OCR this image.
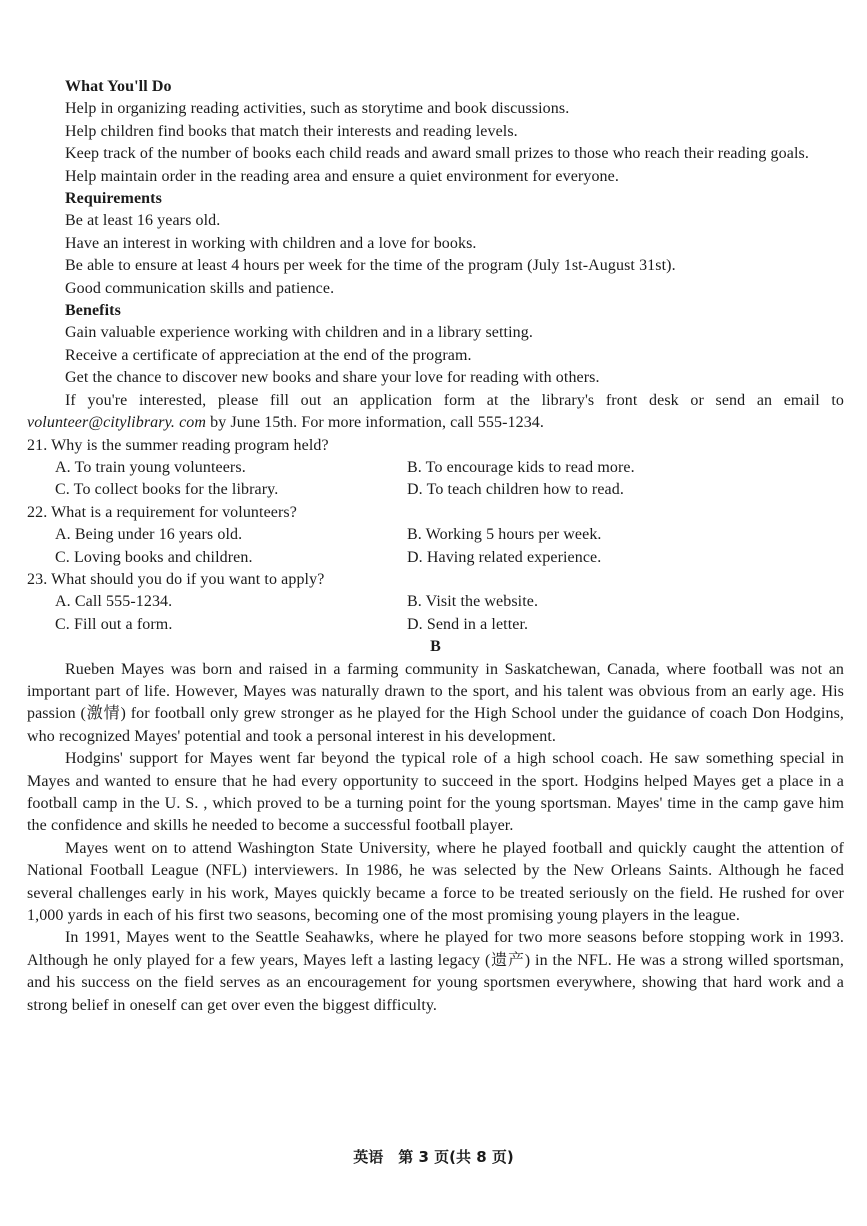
What You'll Do

Help in organizing reading activities, such as storytime and book discussions.

Help children find books that match their interests and reading levels.

Keep track of the number of books each child reads and award small prizes to those who reach their reading goals.

Help maintain order in the reading area and ensure a quiet environment for everyone.

Requirements

Be at least 16 years old.

Have an interest in working with children and a love for books.

Be able to ensure at least 4 hours per week for the time of the program (July 1st-August 31st).

Good communication skills and patience.

Benefits

Gain valuable experience working with children and in a library setting.

Receive a certificate of appreciation at the end of the program.

Get the chance to discover new books and share your love for reading with others.

If you're interested, please fill out an application form at the library's front desk or send an email to volunteer@citylibrary. com by June 15th. For more information, call 555-1234.

21. Why is the summer reading program held?

A. To train young volunteers.	B. To encourage kids to read more.
C. To collect books for the library.	D. To teach children how to read.

22. What is a requirement for volunteers?

A. Being under 16 years old.	B. Working 5 hours per week.
C. Loving books and children.	D. Having related experience.

23. What should you do if you want to apply?

A. Call 555-1234.	B. Visit the website.
C. Fill out a form.	D. Send in a letter.

B

Rueben Mayes was born and raised in a farming community in Saskatchewan, Canada, where football was not an important part of life. However, Mayes was naturally drawn to the sport, and his talent was obvious from an early age. His passion (激情) for football only grew stronger as he played for the High School under the guidance of coach Don Hodgins, who recognized Mayes' potential and took a personal interest in his development.

Hodgins' support for Mayes went far beyond the typical role of a high school coach. He saw something special in Mayes and wanted to ensure that he had every opportunity to succeed in the sport. Hodgins helped Mayes get a place in a football camp in the U. S. , which proved to be a turning point for the young sportsman. Mayes' time in the camp gave him the confidence and skills he needed to become a successful football player.

Mayes went on to attend Washington State University, where he played football and quickly caught the attention of National Football League (NFL) interviewers. In 1986, he was selected by the New Orleans Saints. Although he faced several challenges early in his work, Mayes quickly became a force to be treated seriously on the field. He rushed for over 1,000 yards in each of his first two seasons, becoming one of the most promising young players in the league.

In 1991, Mayes went to the Seattle Seahawks, where he played for two more seasons before stopping work in 1993. Although he only played for a few years, Mayes left a lasting legacy (遗产) in the NFL. He was a strong willed sportsman, and his success on the field serves as an encouragement for young sportsmen everywhere, showing that hard work and a strong belief in oneself can get over even the biggest difficulty.

英语　第 3 页(共 8 页)
